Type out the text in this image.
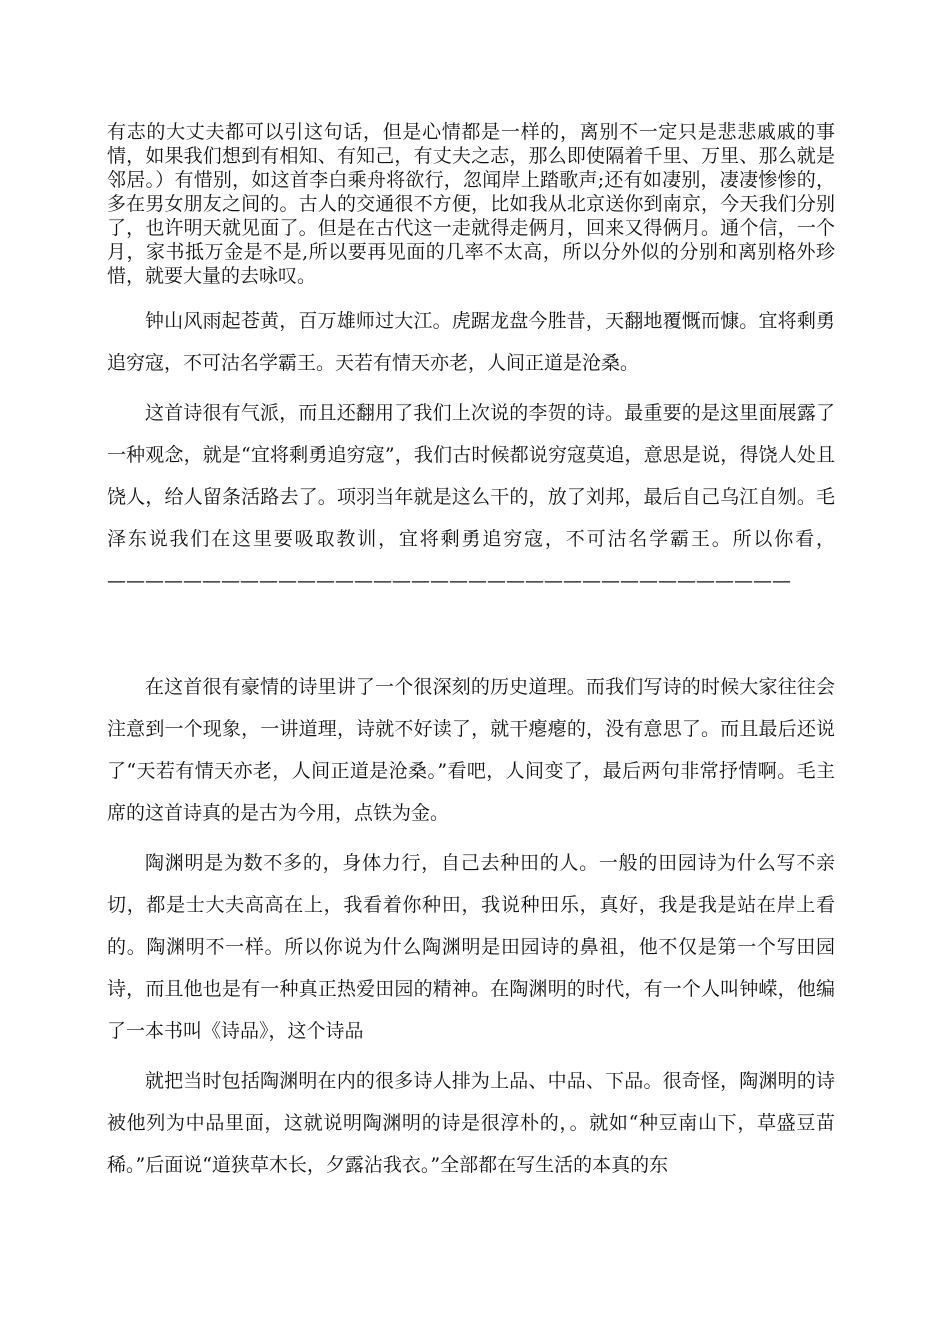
有志的大丈夫都可以引这句话，但是心情都是一样的，离别不一定只是悲悲戚戚的事情，如果我们想到有相知、有知己，有丈夫之志，那么即使隔着千里、万里、那么就是邻居。）有惜别，如这首李白乘舟将欲行，忽闻岸上踏歌声;还有如凄别，凄凄惨惨的，多在男女朋友之间的。古人的交通很不方便，比如我从北京送你到南京，今天我们分别了，也许明天就见面了。但是在古代这一走就得走俩月，回来又得俩月。通个信，一个月，家书抵万金是不是,所以要再见面的几率不太高，所以分外似的分别和离别格外珍惜，就要大量的去咏叹。

钟山风雨起苍黄，百万雄师过大江。虎踞龙盘今胜昔，天翻地覆慨而慷。宜将剩勇追穷寇，不可沽名学霸王。天若有情天亦老，人间正道是沧桑。

这首诗很有气派，而且还翻用了我们上次说的李贺的诗。最重要的是这里面展露了一种观念，就是“宜将剩勇追穷寇”，我们古时候都说穷寇莫追，意思是说，得饶人处且饶人，给人留条活路去了。项羽当年就是这么干的，放了刘邦，最后自己乌江自刎。毛泽东说我们在这里要吸取教训，宜将剩勇追穷寇，不可沽名学霸王。所以你看，————————————————————————————————————

在这首很有豪情的诗里讲了一个很深刻的历史道理。而我们写诗的时候大家往往会注意到一个现象，一讲道理，诗就不好读了，就干瘪瘪的，没有意思了。而且最后还说了“天若有情天亦老，人间正道是沧桑。”看吧，人间变了，最后两句非常抒情啊。毛主席的这首诗真的是古为今用，点铁为金。

陶渊明是为数不多的，身体力行，自己去种田的人。一般的田园诗为什么写不亲切，都是士大夫高高在上，我看着你种田，我说种田乐，真好，我是我是站在岸上看的。陶渊明不一样。所以你说为什么陶渊明是田园诗的鼻祖，他不仅是第一个写田园诗，而且他也是有一种真正热爱田园的精神。在陶渊明的时代，有一个人叫钟嵘，他编了一本书叫《诗品》，这个诗品

就把当时包括陶渊明在内的很多诗人排为上品、中品、下品。很奇怪，陶渊明的诗被他列为中品里面，这就说明陶渊明的诗是很淳朴的，。就如“种豆南山下，草盛豆苗稀。”后面说“道狭草木长，夕露沾我衣。”全部都在写生活的本真的东
